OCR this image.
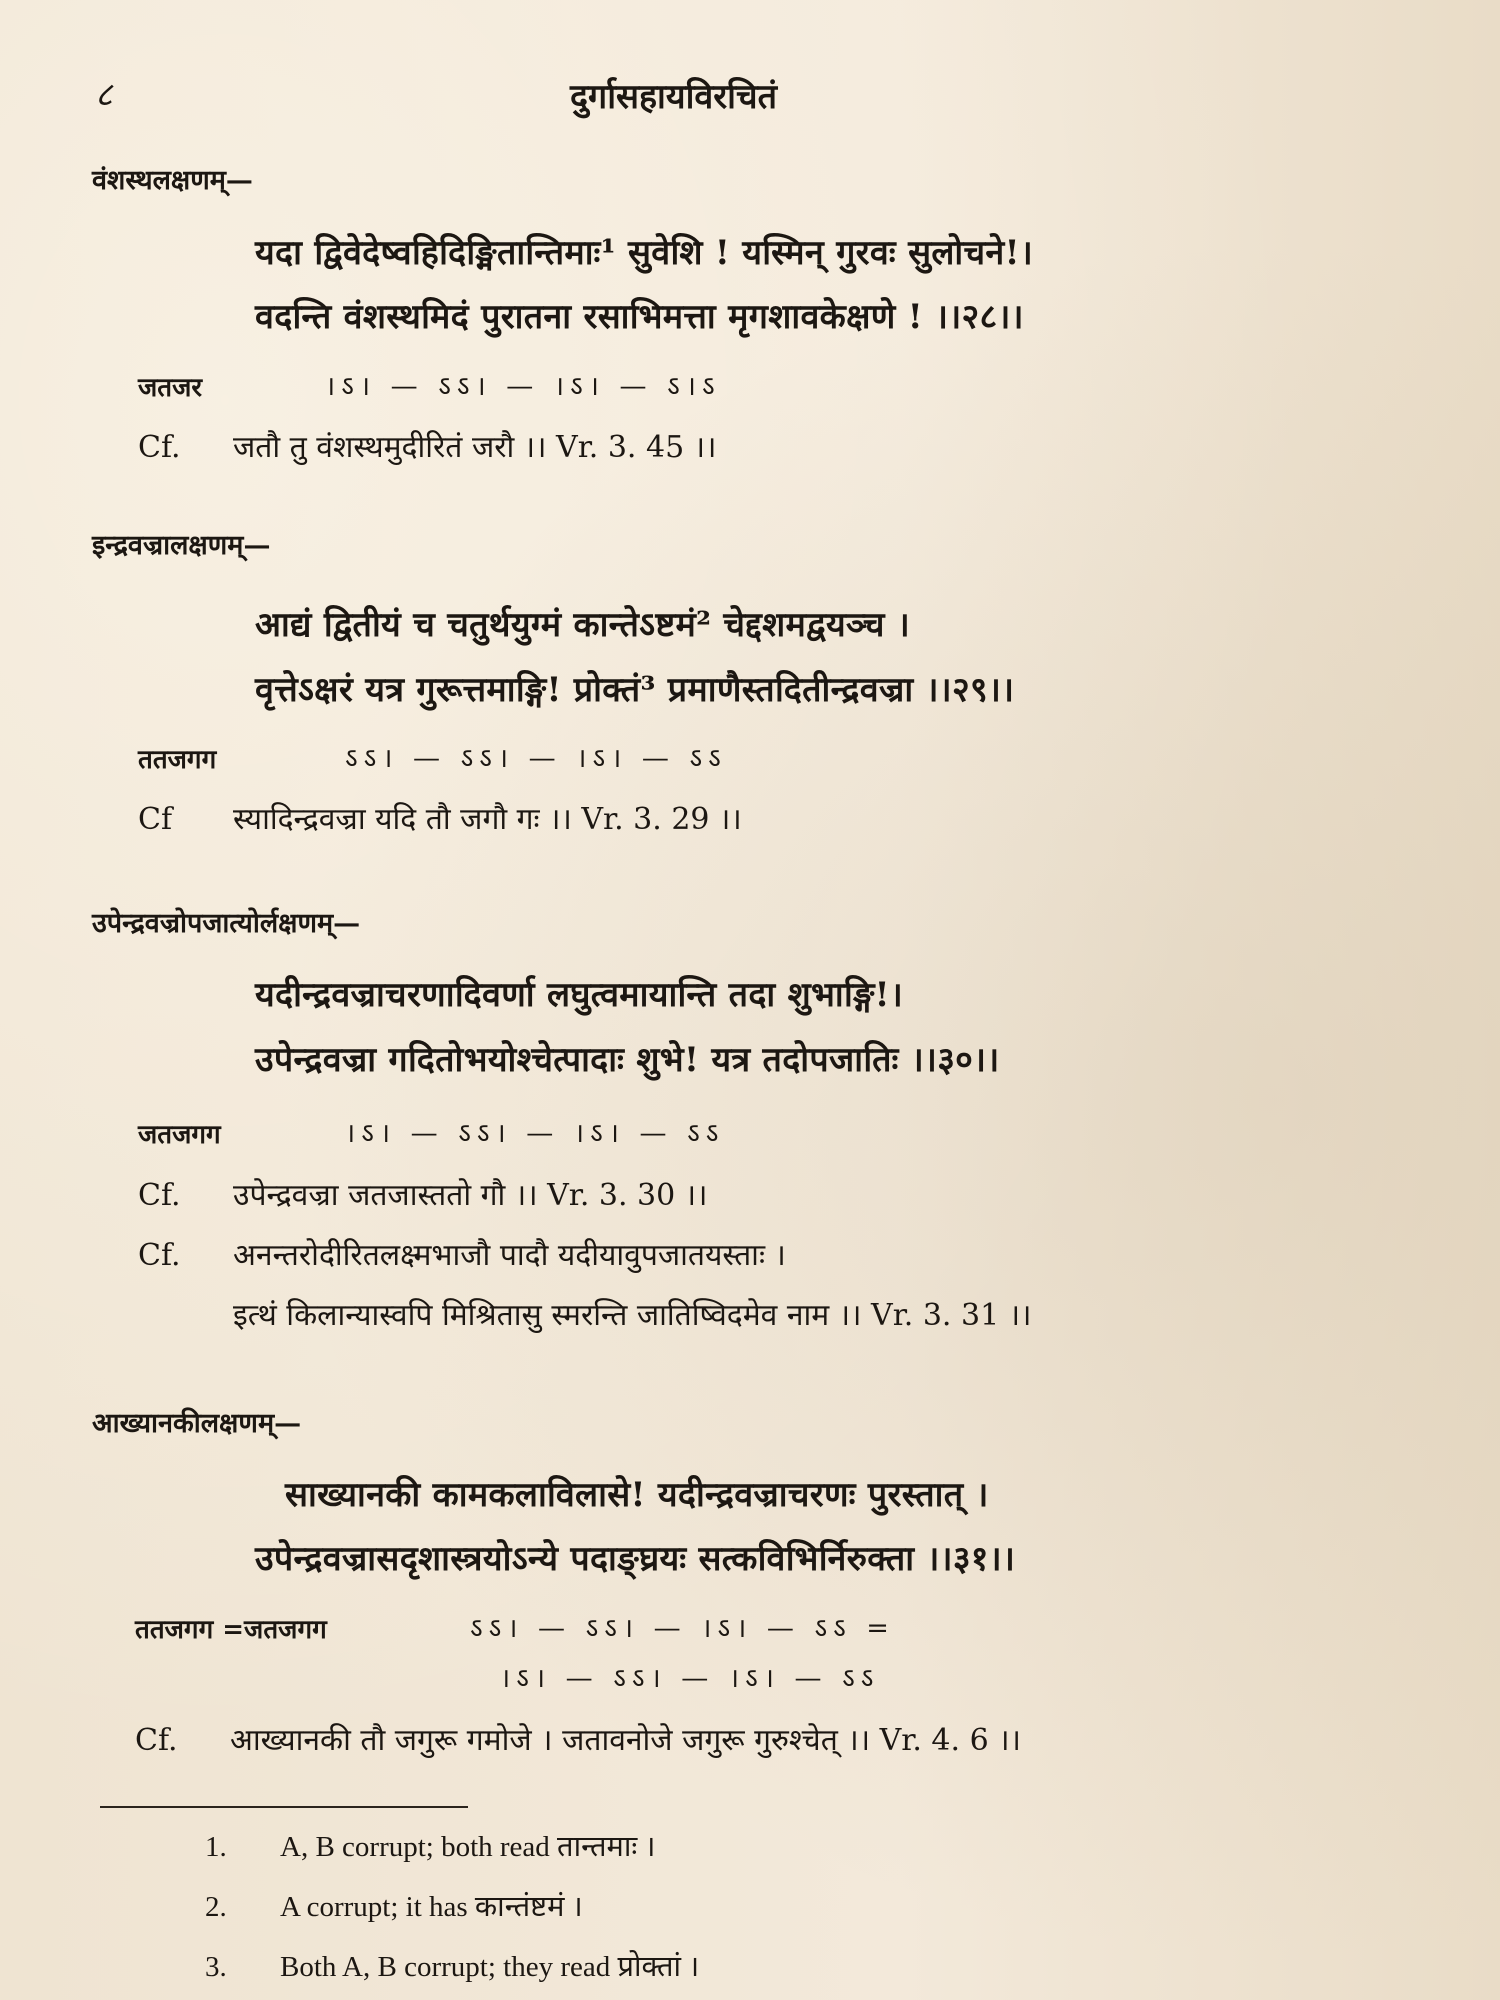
८	दुर्गासहायविरचितं
वंशस्थलक्षणम्—
यदा द्विवेदेष्वहिदिङ्मितान्तिमाः¹ सुवेशि ! यस्मिन् गुरवः सुलोचने!।
वदन्ति वंशस्थमिदं पुरातना रसाभिमत्ता मृगशावकेक्षणे ! ।।२८।।
जतजर	।ऽ। — ऽऽ। — ।ऽ। — ऽ।ऽ
Cf. जतौ तु वंशस्थमुदीरितं जरौ ।। Vr. 3. 45 ।।
इन्द्रवज्रालक्षणम्—
आद्यं द्वितीयं च चतुर्थयुग्मं कान्तेऽष्टमं² चेद्दशमद्वयञ्च ।
वृत्तेऽक्षरं यत्र गुरूत्तमाङ्गि! प्रोक्तं³ प्रमाणैस्तदितीन्द्रवज्रा ।।२९।।
ततजगग	ऽऽ। — ऽऽ। — ।ऽ। — ऽऽ
Cf स्यादिन्द्रवज्रा यदि तौ जगौ गः ।। Vr. 3. 29 ।।
उपेन्द्रवज्रोपजात्योर्लक्षणम्—
यदीन्द्रवज्राचरणादिवर्णा लघुत्वमायान्ति तदा शुभाङ्गि!।
उपेन्द्रवज्रा गदितोभयोश्चेत्पादाः शुभे! यत्र तदोपजातिः ।।३०।।
जतजगग	।ऽ। — ऽऽ। — ।ऽ। — ऽऽ
Cf. उपेन्द्रवज्रा जतजास्ततो गौ ।। Vr. 3. 30 ।।
Cf. अनन्तरोदीरितलक्ष्मभाजौ पादौ यदीयावुपजातयस्ताः ।
इत्थं किलान्यास्वपि मिश्रितासु स्मरन्ति जातिष्विदमेव नाम ।। Vr. 3. 31 ।।
आख्यानकीलक्षणम्—
साख्यानकी कामकलाविलासे! यदीन्द्रवज्राचरणः पुरस्तात् ।
उपेन्द्रवज्रासदृशास्त्रयोऽन्ये पदाङ्घ्रयः सत्कविभिर्निरुक्ता ।।३१।।
ततजगग =जतजगग	ऽऽ। — ऽऽ। — ।ऽ। — ऽऽ =
।ऽ। — ऽऽ। — ।ऽ। — ऽऽ
Cf. आख्यानकी तौ जगुरू गमोजे । जतावनोजे जगुरू गुरुश्चेत् ।। Vr. 4. 6 ।।
1. A, B corrupt; both read तान्तमाः ।
2. A corrupt; it has कान्तंष्टमं ।
3. Both A, B corrupt; they read प्रोक्तां ।
